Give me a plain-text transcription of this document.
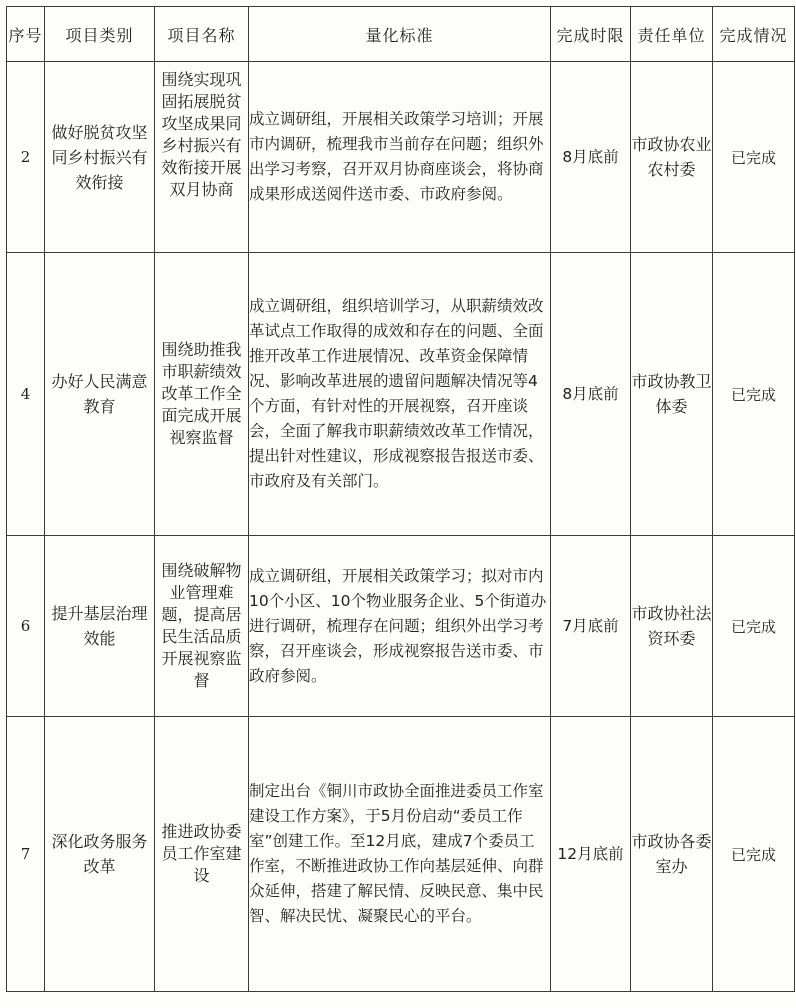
序号	项目类别	项目名称	量化标准	完成时限	责任单位	完成情况
2	做好脱贫攻坚同乡村振兴有效衔接	围绕实现巩固拓展脱贫攻坚成果同乡村振兴有效衔接开展双月协商	成立调研组，开展相关政策学习培训；开展市内调研，梳理我市当前存在问题；组织外出学习考察，召开双月协商座谈会，将协商成果形成送阅件送市委、市政府参阅。	8月底前	市政协农业农村委	已完成
4	办好人民满意教育	围绕助推我市职薪绩效改革工作全面完成开展视察监督	成立调研组，组织培训学习，从职薪绩效改革试点工作取得的成效和存在的问题、全面推开改革工作进展情况、改革资金保障情况、影响改革进展的遗留问题解决情况等4个方面，有针对性的开展视察，召开座谈会，全面了解我市职薪绩效改革工作情况，提出针对性建议，形成视察报告报送市委、市政府及有关部门。	8月底前	市政协教卫体委	已完成
6	提升基层治理效能	围绕破解物业管理难题，提高居民生活品质开展视察监督	成立调研组，开展相关政策学习；拟对市内10个小区、10个物业服务企业、5个街道办进行调研，梳理存在问题；组织外出学习考察，召开座谈会，形成视察报告送市委、市政府参阅。	7月底前	市政协社法资环委	已完成
7	深化政务服务改革	推进政协委员工作室建设	制定出台《铜川市政协全面推进委员工作室建设工作方案》，于5月份启动“委员工作室”创建工作。至12月底，建成7个委员工作室，不断推进政协工作向基层延伸、向群众延伸，搭建了解民情、反映民意、集中民智、解决民忧、凝聚民心的平台。	12月底前	市政协各委室办	已完成
